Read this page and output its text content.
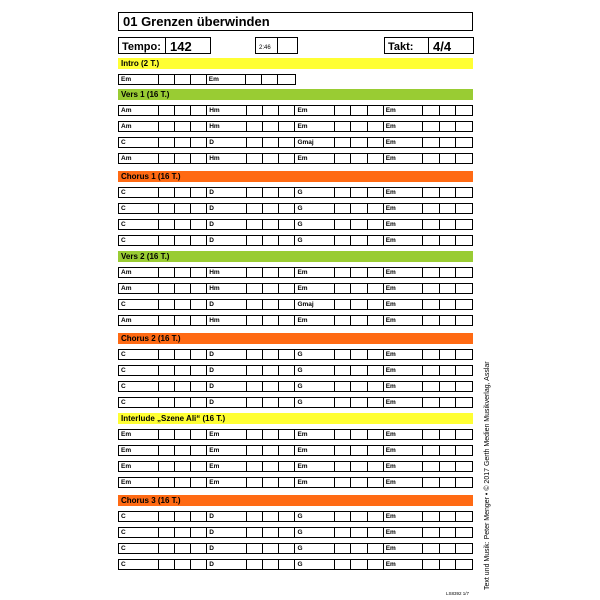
01 Grenzen überwinden
Tempo: 142	2:46	Takt: 4/4
Intro (2 T.)
Em	Em
Vers 1 (16 T.)
Am	Hm	Em	Em
Am	Hm	Em	Em
C	D	Gmaj	Em
Am	Hm	Em	Em
Chorus 1 (16 T.)
C	D	G	Em
C	D	G	Em
C	D	G	Em
C	D	G	Em
Vers 2 (16 T.)
Am	Hm	Em	Em
Am	Hm	Em	Em
C	D	Gmaj	Em
Am	Hm	Em	Em
Chorus 2 (16 T.)
C	D	G	Em
C	D	G	Em
C	D	G	Em
C	D	G	Em
Interlude „Szene Ali“ (16 T.)
Em	Em	Em	Em
Em	Em	Em	Em
Em	Em	Em	Em
Em	Em	Em	Em
Chorus 3 (16 T.)
C	D	G	Em
C	D	G	Em
C	D	G	Em
C	D	G	Em	Text und Musik: Peter Menger • © 2017 Gerth Medien Musikverlag, Asslar
LS8392 1/7
